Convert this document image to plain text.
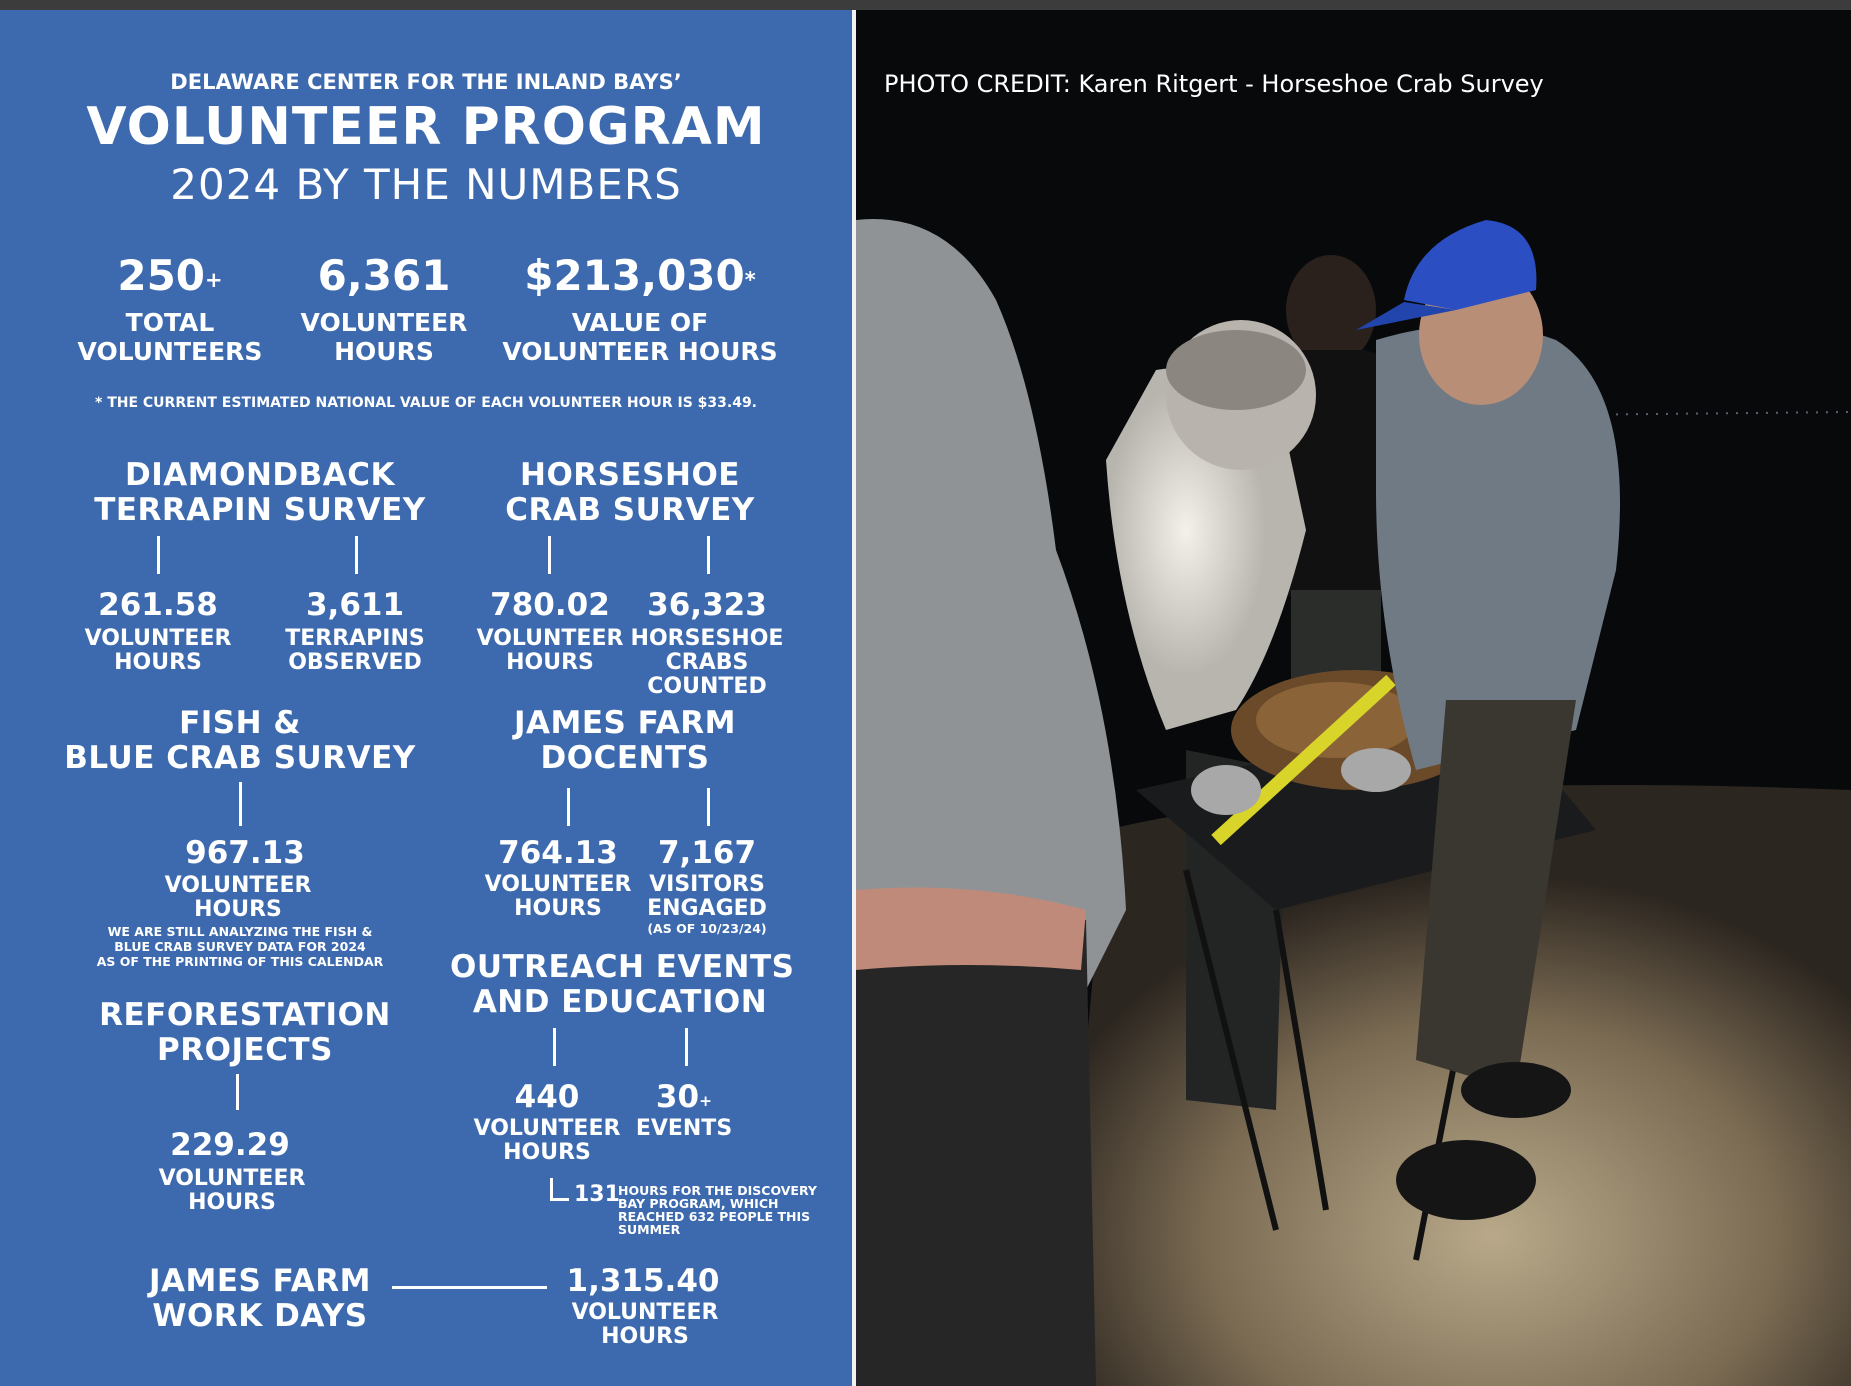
DELAWARE CENTER FOR THE INLAND BAYS’
VOLUNTEER PROGRAM
2024 BY THE NUMBERS
250+
TOTAL
VOLUNTEERS
6,361
VOLUNTEER
HOURS
$213,030*
VALUE OF
VOLUNTEER HOURS
* THE CURRENT ESTIMATED NATIONAL VALUE OF EACH VOLUNTEER HOUR IS $33.49.
DIAMONDBACK
TERRAPIN SURVEY
261.58
VOLUNTEER
HOURS
3,611
TERRAPINS
OBSERVED
HORSESHOE
CRAB SURVEY
780.02
VOLUNTEER
HOURS
36,323
HORSESHOE
CRABS
COUNTED
FISH &
BLUE CRAB SURVEY
967.13
VOLUNTEER
HOURS
WE ARE STILL ANALYZING THE FISH &
BLUE CRAB SURVEY DATA FOR 2024
AS OF THE PRINTING OF THIS CALENDAR
JAMES FARM
DOCENTS
764.13
VOLUNTEER
HOURS
7,167
VISITORS
ENGAGED
(AS OF 10/23/24)
REFORESTATION
PROJECTS
229.29
VOLUNTEER
HOURS
OUTREACH EVENTS
AND EDUCATION
440
VOLUNTEER
HOURS
30+
EVENTS
131
HOURS FOR THE DISCOVERY
BAY PROGRAM, WHICH
REACHED 632 PEOPLE THIS
SUMMER
JAMES FARM
WORK DAYS
1,315.40
VOLUNTEER
HOURS
PHOTO CREDIT: Karen Ritgert - Horseshoe Crab Survey
